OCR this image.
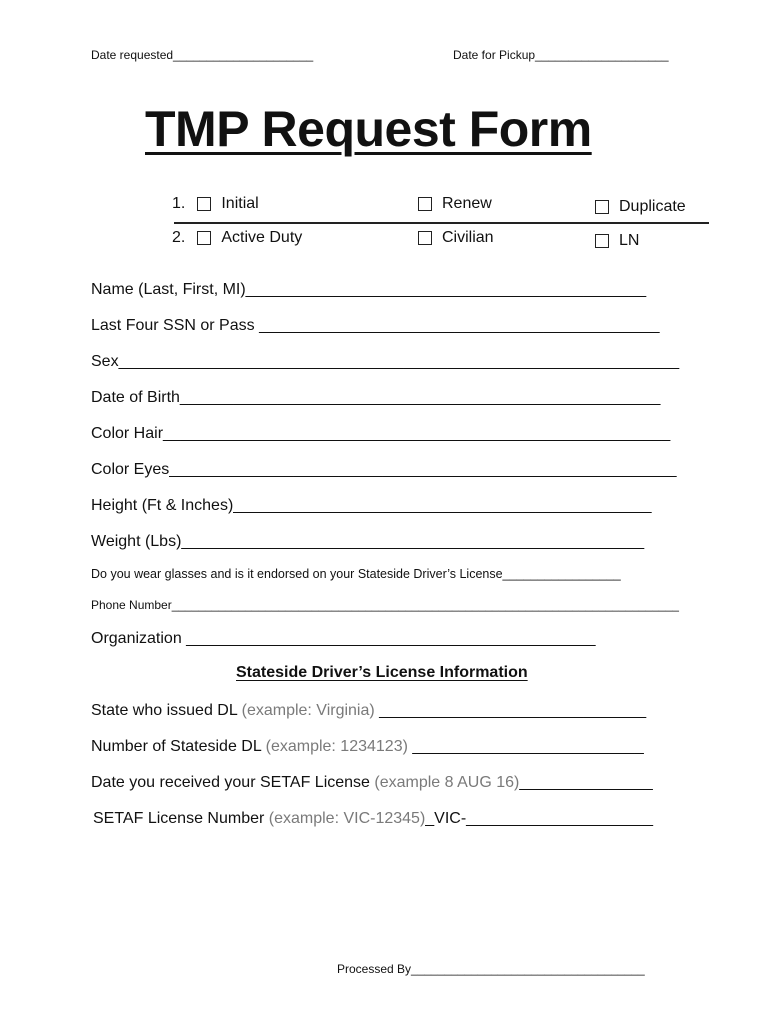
Date requested_____________________	Date for Pickup____________________
TMP Request Form
1. Initial	Renew	Duplicate
2. Active Duty	Civilian	LN
Name (Last, First, MI)_____________________________________________
Last Four SSN or Pass _____________________________________________
Sex_______________________________________________________________
Date of Birth______________________________________________________
Color Hair_________________________________________________________
Color Eyes_________________________________________________________
Height (Ft & Inches)_______________________________________________
Weight (Lbs)____________________________________________________
Do you wear glasses and is it endorsed on your Stateside Driver’s License_________________
Phone Number____________________________________________________________________________
Organization ______________________________________________
Stateside Driver’s License Information
State who issued DL (example: Virginia) ______________________________
Number of Stateside DL (example: 1234123) __________________________
Date you received your SETAF License (example 8 AUG 16)_______________
SETAF License Number (example: VIC-12345)_VIC-_____________________
Processed By___________________________________
